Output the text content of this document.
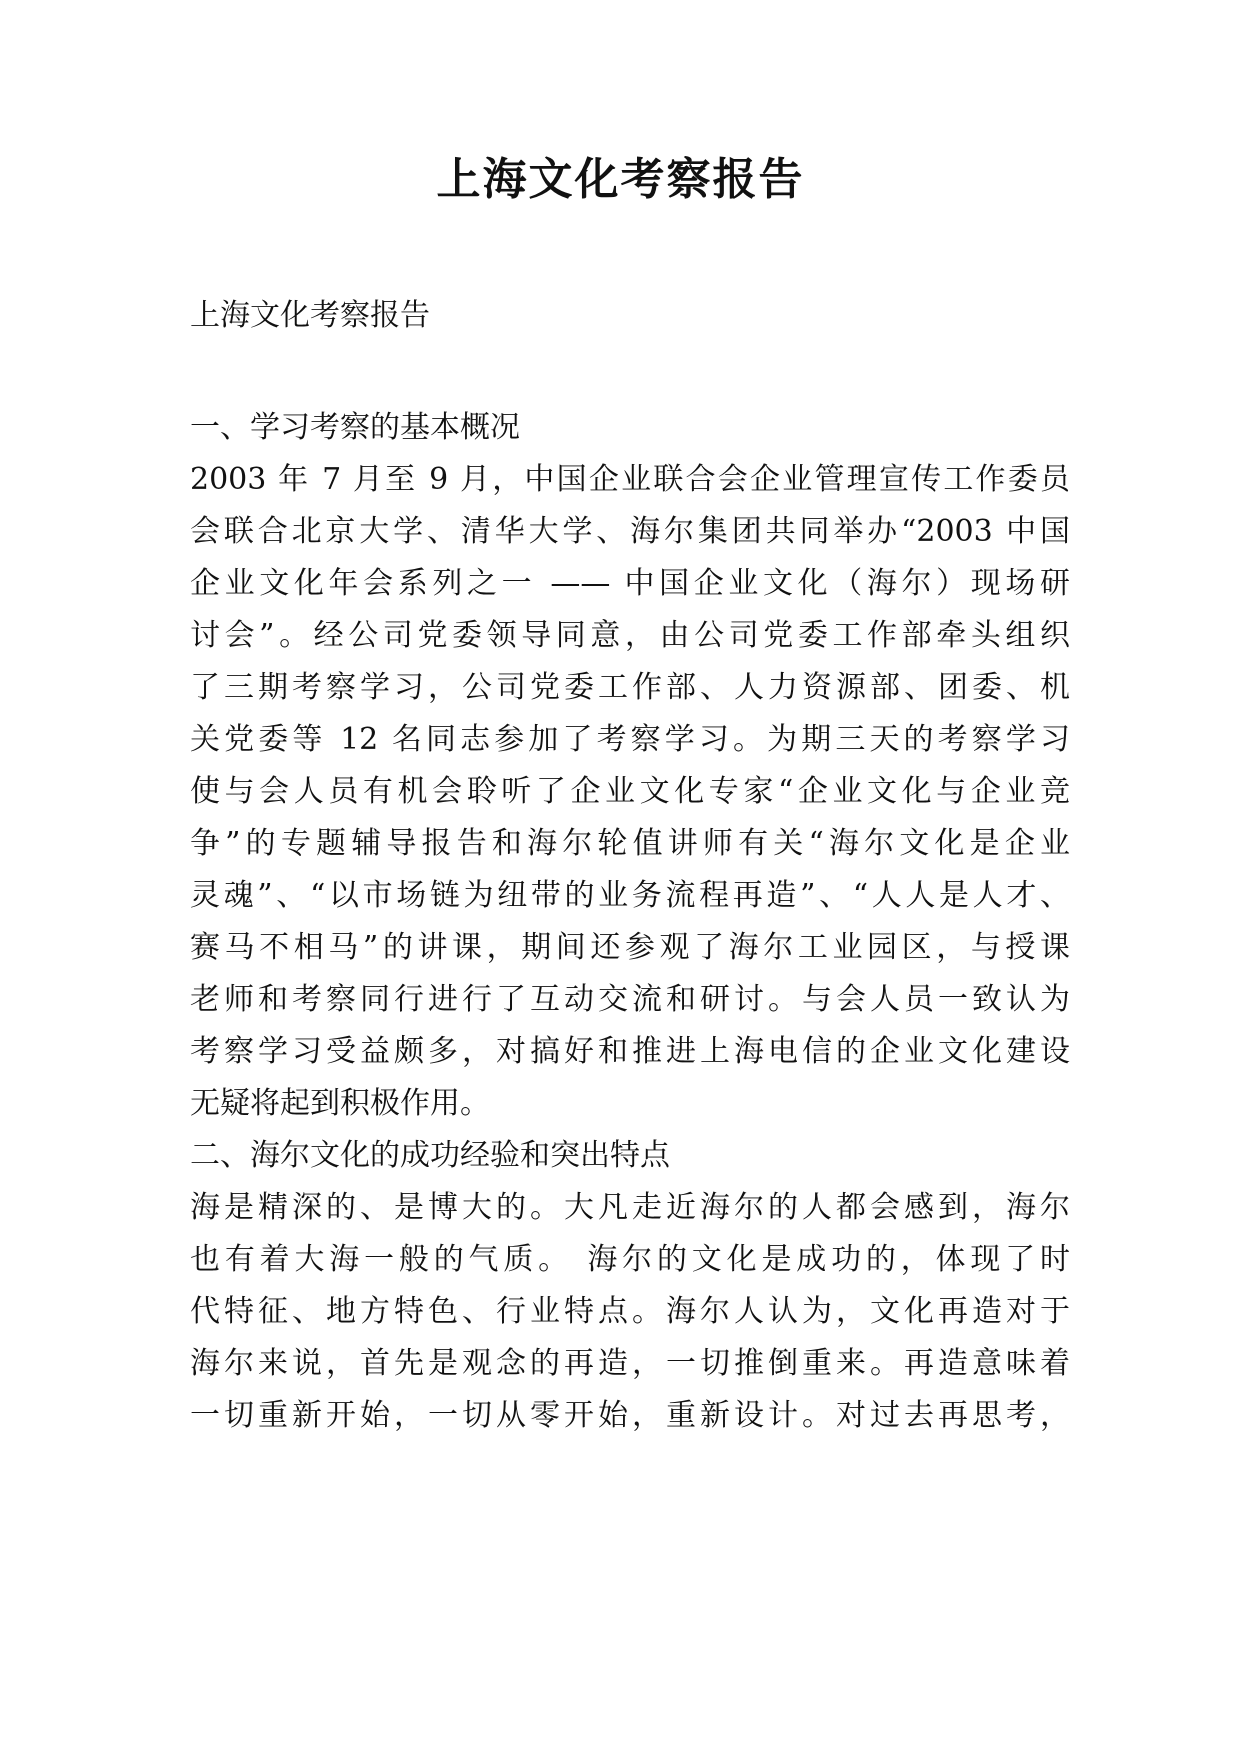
上海文化考察报告
上海文化考察报告
一、学习考察的基本概况
2003 年 7 月至 9 月，中国企业联合会企业管理宣传工作委员
会联合北京大学、清华大学、海尔集团共同举办“2003 中国
企业文化年会系列之一 —— 中国企业文化（海尔）现场研
讨会”。经公司党委领导同意，由公司党委工作部牵头组织
了三期考察学习，公司党委工作部、人力资源部、团委、机
关党委等 12 名同志参加了考察学习。为期三天的考察学习
使与会人员有机会聆听了企业文化专家“企业文化与企业竞
争”的专题辅导报告和海尔轮值讲师有关“海尔文化是企业
灵魂”、“以市场链为纽带的业务流程再造”、“人人是人才、
赛马不相马”的讲课，期间还参观了海尔工业园区，与授课
老师和考察同行进行了互动交流和研讨。与会人员一致认为
考察学习受益颇多，对搞好和推进上海电信的企业文化建设
无疑将起到积极作用。
二、海尔文化的成功经验和突出特点
海是精深的、是博大的。大凡走近海尔的人都会感到，海尔
也有着大海一般的气质。 海尔的文化是成功的，体现了时
代特征、地方特色、行业特点。海尔人认为，文化再造对于
海尔来说，首先是观念的再造，一切推倒重来。再造意味着
一切重新开始，一切从零开始，重新设计。对过去再思考，
